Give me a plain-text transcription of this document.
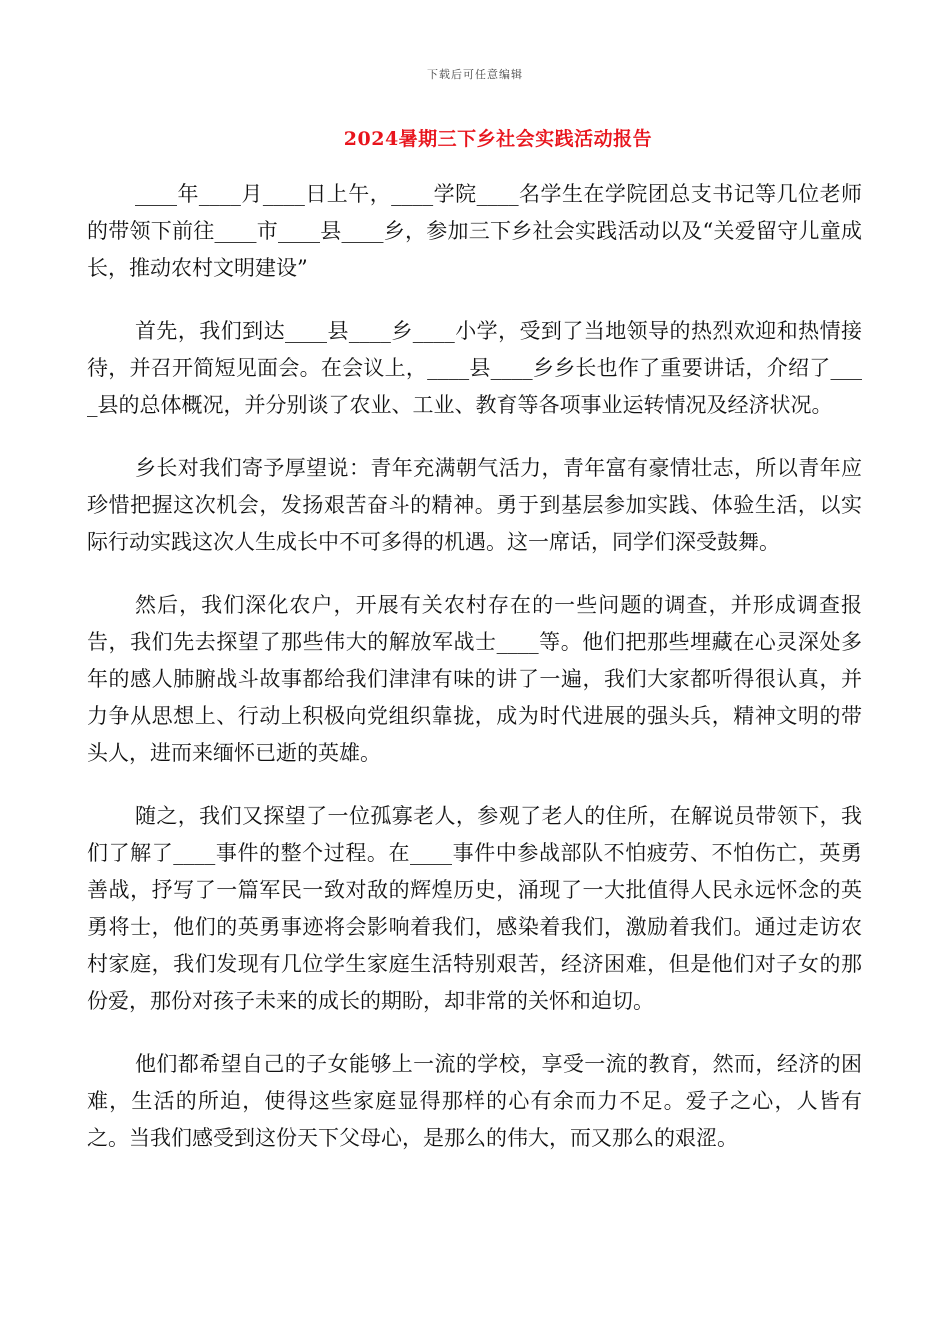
下载后可任意编辑
2024暑期三下乡社会实践活动报告

____年____月____日上午，____学院____名学生在学院团总支书记等几位老师的带领下前往____市____县____乡，参加三下乡社会实践活动以及“关爱留守儿童成长，推动农村文明建设”

首先，我们到达____县____乡____小学，受到了当地领导的热烈欢迎和热情接待，并召开简短见面会。在会议上，____县____乡乡长也作了重要讲话，介绍了____县的总体概况，并分别谈了农业、工业、教育等各项事业运转情况及经济状况。

乡长对我们寄予厚望说：青年充满朝气活力，青年富有豪情壮志，所以青年应珍惜把握这次机会，发扬艰苦奋斗的精神。勇于到基层参加实践、体验生活，以实际行动实践这次人生成长中不可多得的机遇。这一席话，同学们深受鼓舞。

然后，我们深化农户，开展有关农村存在的一些问题的调查，并形成调查报告，我们先去探望了那些伟大的解放军战士____等。他们把那些埋藏在心灵深处多年的感人肺腑战斗故事都给我们津津有味的讲了一遍，我们大家都听得很认真，并力争从思想上、行动上积极向党组织靠拢，成为时代进展的强头兵，精神文明的带头人，进而来缅怀已逝的英雄。

随之，我们又探望了一位孤寡老人，参观了老人的住所，在解说员带领下，我们了解了____事件的整个过程。在____事件中参战部队不怕疲劳、不怕伤亡，英勇善战，抒写了一篇军民一致对敌的辉煌历史，涌现了一大批值得人民永远怀念的英勇将士，他们的英勇事迹将会影响着我们，感染着我们，激励着我们。通过走访农村家庭，我们发现有几位学生家庭生活特别艰苦，经济困难，但是他们对子女的那份爱，那份对孩子未来的成长的期盼，却非常的关怀和迫切。

他们都希望自己的子女能够上一流的学校，享受一流的教育，然而，经济的困难，生活的所迫，使得这些家庭显得那样的心有余而力不足。爱子之心，人皆有之。当我们感受到这份天下父母心，是那么的伟大，而又那么的艰涩。
